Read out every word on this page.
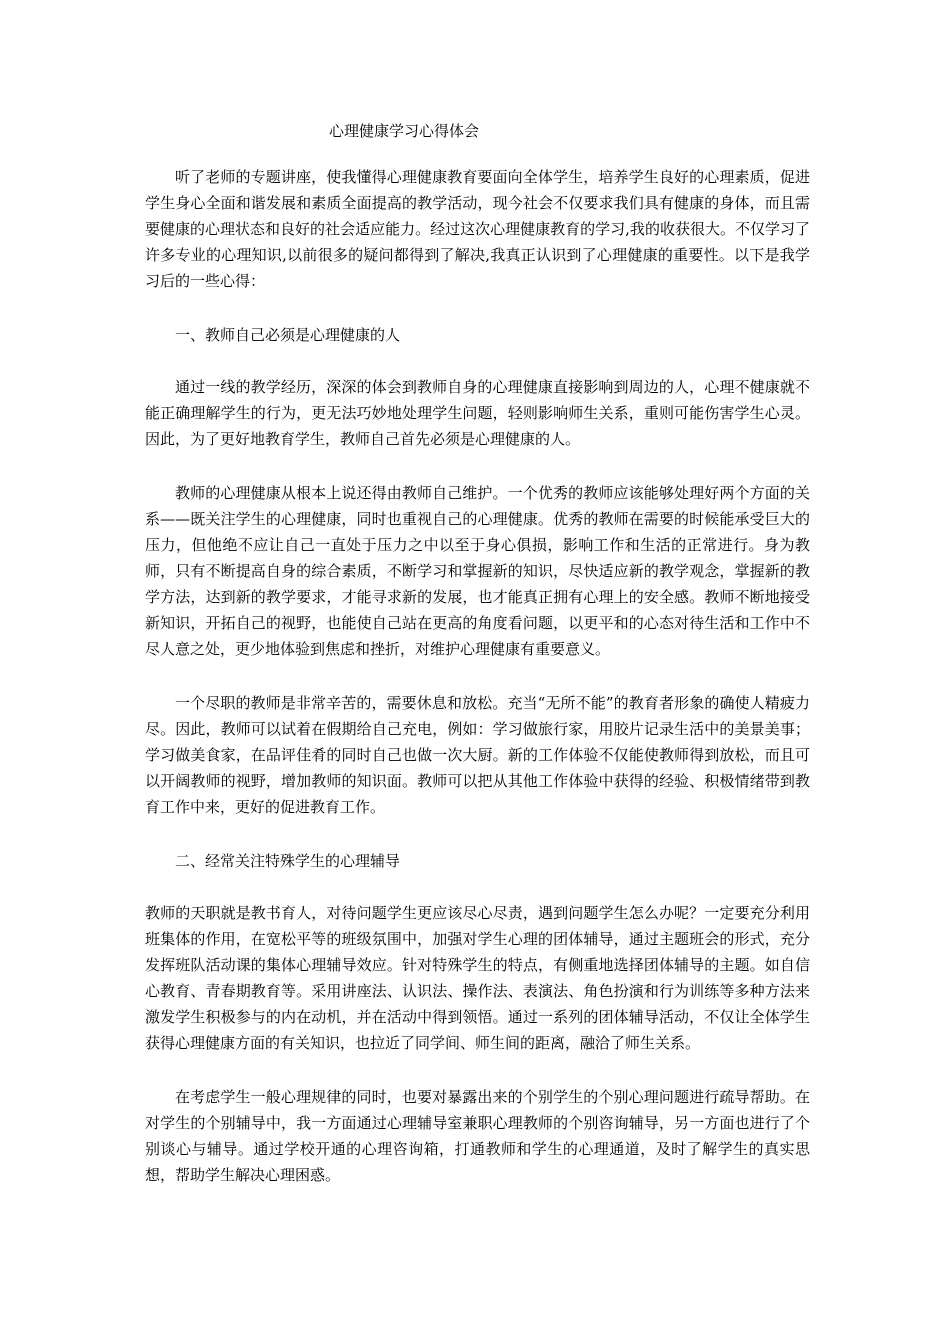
心理健康学习心得体会

听了老师的专题讲座，使我懂得心理健康教育要面向全体学生，培养学生良好的心理素质，促进学生身心全面和谐发展和素质全面提高的教学活动，现今社会不仅要求我们具有健康的身体，而且需要健康的心理状态和良好的社会适应能力。经过这次心理健康教育的学习,我的收获很大。不仅学习了许多专业的心理知识,以前很多的疑问都得到了解决,我真正认识到了心理健康的重要性。以下是我学习后的一些心得：

一、教师自己必须是心理健康的人

通过一线的教学经历，深深的体会到教师自身的心理健康直接影响到周边的人，心理不健康就不能正确理解学生的行为，更无法巧妙地处理学生问题，轻则影响师生关系，重则可能伤害学生心灵。因此，为了更好地教育学生，教师自己首先必须是心理健康的人。

教师的心理健康从根本上说还得由教师自己维护。一个优秀的教师应该能够处理好两个方面的关系——既关注学生的心理健康，同时也重视自己的心理健康。优秀的教师在需要的时候能承受巨大的压力，但他绝不应让自己一直处于压力之中以至于身心俱损，影响工作和生活的正常进行。身为教师，只有不断提高自身的综合素质，不断学习和掌握新的知识，尽快适应新的教学观念，掌握新的教学方法，达到新的教学要求，才能寻求新的发展，也才能真正拥有心理上的安全感。教师不断地接受新知识，开拓自己的视野，也能使自己站在更高的角度看问题，以更平和的心态对待生活和工作中不尽人意之处，更少地体验到焦虑和挫折，对维护心理健康有重要意义。

一个尽职的教师是非常辛苦的，需要休息和放松。充当“无所不能”的教育者形象的确使人精疲力尽。因此，教师可以试着在假期给自己充电，例如：学习做旅行家，用胶片记录生活中的美景美事；学习做美食家，在品评佳肴的同时自己也做一次大厨。新的工作体验不仅能使教师得到放松，而且可以开阔教师的视野，增加教师的知识面。教师可以把从其他工作体验中获得的经验、积极情绪带到教育工作中来，更好的促进教育工作。

二、经常关注特殊学生的心理辅导

教师的天职就是教书育人，对待问题学生更应该尽心尽责，遇到问题学生怎么办呢？一定要充分利用班集体的作用，在宽松平等的班级氛围中，加强对学生心理的团体辅导，通过主题班会的形式，充分发挥班队活动课的集体心理辅导效应。针对特殊学生的特点，有侧重地选择团体辅导的主题。如自信心教育、青春期教育等。采用讲座法、认识法、操作法、表演法、角色扮演和行为训练等多种方法来激发学生积极参与的内在动机，并在活动中得到领悟。通过一系列的团体辅导活动，不仅让全体学生获得心理健康方面的有关知识，也拉近了同学间、师生间的距离，融洽了师生关系。

在考虑学生一般心理规律的同时，也要对暴露出来的个别学生的个别心理问题进行疏导帮助。在对学生的个别辅导中，我一方面通过心理辅导室兼职心理教师的个别咨询辅导，另一方面也进行了个别谈心与辅导。通过学校开通的心理咨询箱，打通教师和学生的心理通道，及时了解学生的真实思想，帮助学生解决心理困惑。
